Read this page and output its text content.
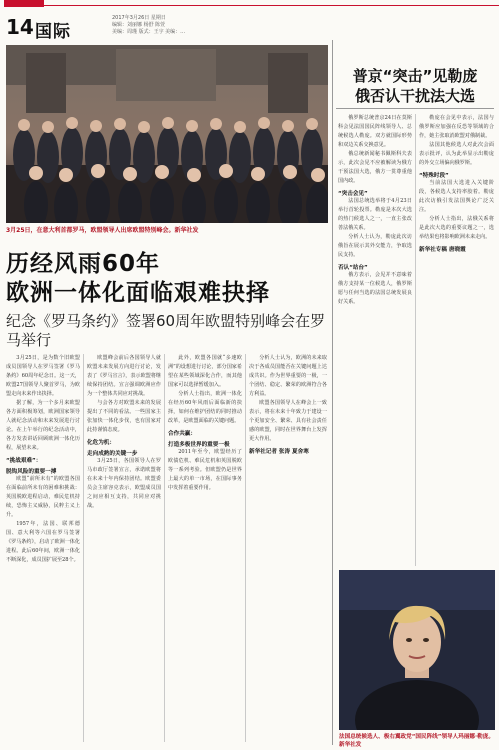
14 国际
2017年3月26日 星期日
编辑：刘丽娜 杨舒 陈萱
美编：周瑾 版式：王宇 美编：…
3月25日，在意大利首都罗马，欧盟领导人出席欧盟特别峰会。新华社发
历经风雨60年
欧洲一体化面临艰难抉择
纪念《罗马条约》签署60周年欧盟特别峰会在罗马举行

3月25日，是为数个旧欧盟成员国领导人在罗马签署《罗马条约》60周年纪念日。这一天，欧盟27国领导人聚首罗马，为欧盟走向未来作出抉择。

据了解，为一个多月来欧盟各方面积极筹划，欧洲国家领导人就纪念活动和未来发展进行讨论。在上午举行的纪念活动中，各方发表讲话回顾欧洲一体化历程，展望未来。

“挑战艰难”：

脱钩风险的重要一搏

欧盟“前所未有”的欧盟各国在面临前所未有的困难和挑战：英国脱欧进程启动，难民危机持续，恐怖主义威胁，民粹主义上升。

1957年，法国、联邦德国、意大利等六国在罗马签署《罗马条约》，启动了欧洲一体化进程。此后60年间，欧洲一体化不断深化，成员国扩展至28个。

欧盟峰会前后各国领导人就欧盟未来发展方向进行讨论，发表了《罗马宣言》，表示欧盟将继续保持团结。宣言强调欧洲应作为一个整体共同应对挑战。

与会各方对欧盟未来的发展提出了不同的看法。一些国家主张加快一体化步伐，也有国家对此持谨慎态度。

化危为机：

走向成熟的关键一步

3月25日，各国领导人在罗马市政厅签署宣言，承诺欧盟将在未来十年内保持团结。欧盟委员会主席容克表示，欧盟成员国之间应相互支持，共同应对挑战。

此外，欧盟各国就“多速欧洲”的设想进行讨论，部分国家希望在某些领域深化合作，而其他国家可以选择暂缓加入。

分析人士指出，欧洲一体化在经历60年风雨后面临新的抉择，如何在维护团结的同时推动改革，是欧盟面临的关键问题。

合作共赢：

打造多极世界的重要一极

2011年至今，欧盟经历了欧债危机、难民危机和英国脱欧等一系列考验。但欧盟仍是世界上最大的单一市场，在国际事务中发挥着重要作用。

分析人士认为，欧洲的未来取决于各成员国能否在关键问题上达成共识。作为世界重要的一极，一个团结、稳定、繁荣的欧洲符合各方利益。

欧盟各国领导人在峰会上一致表示，将在未来十年致力于建设一个更加安全、繁荣、具有社会责任感的欧盟，同时在世界舞台上发挥更大作用。

新华社记者 张涛 夏舍寒

普京“突击”见勒庞
俄否认干扰法大选

俄罗斯总统普京24日在莫斯科会见法国国民阵线领导人、总统候选人勒庞。双方就国际形势和双边关系交换意见。

俄总统新闻秘书佩斯科夫表示，此次会见不应被解读为俄方干预法国大选，俄方一贯尊重他国内政。

“突击会见”

法国总统选举将于4月23日举行首轮投票。勒庞是本次大选的热门候选人之一，一直主张改善法俄关系。

分析人士认为，勒庞此次访俄旨在展示其外交能力，争取选民支持。

否认“站台”

俄方表示，会见并不意味着俄方支持某一位候选人，俄罗斯愿与任何当选的法国总统发展良好关系。

勒庞在会见中表示，法国与俄罗斯应加强在反恐等领域的合作，她主张取消欧盟对俄制裁。

法国其他候选人对此次会面表示批评，认为此举显示出勒庞的外交立场偏向俄罗斯。

“特殊时段”

当前法国大选进入关键阶段，各候选人支持率胶着。勒庞此次访俄引发法国舆论广泛关注。

分析人士指出，法俄关系将是此次大选的重要议题之一，选举结果也将影响欧洲未来走向。

新华社专稿 唐晓霞

法国总统候选人、极右翼政党“国民阵线”领导人玛丽娜·勒庞。新华社发
